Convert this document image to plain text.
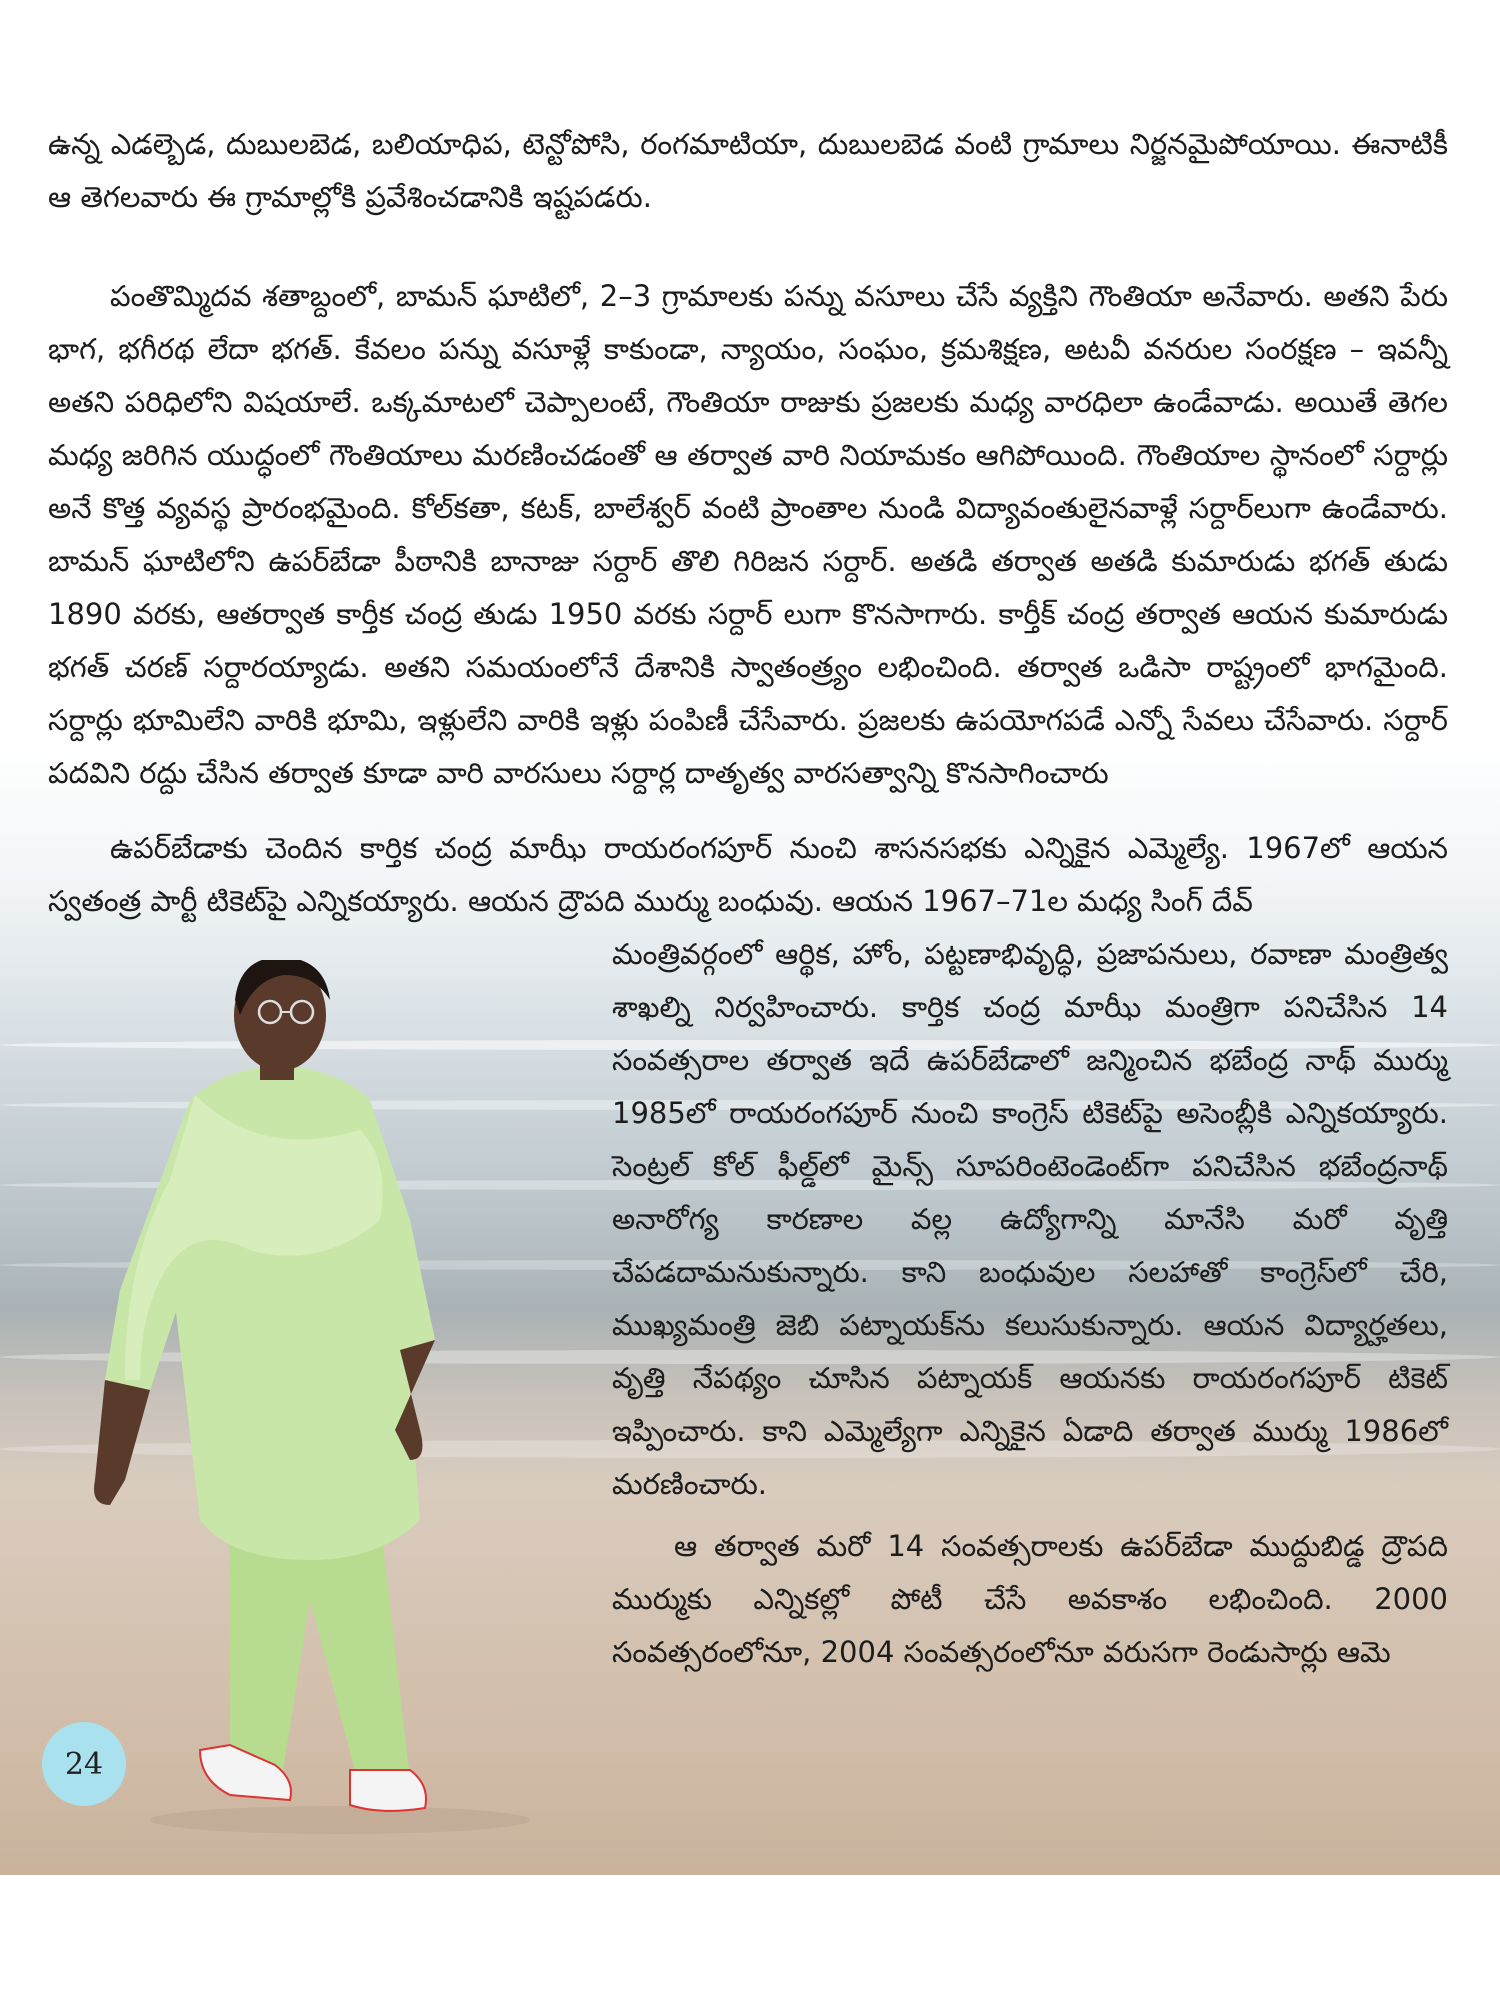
ఉన్న ఎడల్బెడ, దుబులబెడ, బలియాధిప, టెన్టోపోసి, రంగమాటియా, దుబులబెడ వంటి గ్రామాలు నిర్జనమైపోయాయి. ఈనాటికీ ఆ తెగలవారు ఈ గ్రామాల్లోకి ప్రవేశించడానికి ఇష్టపడరు.

పంతొమ్మిదవ శతాబ్దంలో, బామన్ ఘాటిలో, 2–3 గ్రామాలకు పన్ను వసూలు చేసే వ్యక్తిని గౌంతియా అనేవారు. అతని పేరు భాగ, భగీరథ లేదా భగత్. కేవలం పన్ను వసూళ్లే కాకుండా, న్యాయం, సంఘం, క్రమశిక్షణ, అటవీ వనరుల సంరక్షణ – ఇవన్నీ అతని పరిధిలోని విషయాలే. ఒక్కమాటలో చెప్పాలంటే, గౌంతియా రాజుకు ప్రజలకు మధ్య వారధిలా ఉండేవాడు. అయితే తెగల మధ్య జరిగిన యుద్ధంలో గౌంతియాలు మరణించడంతో ఆ తర్వాత వారి నియామకం ఆగిపోయింది. గౌంతియాల స్థానంలో సర్దార్లు అనే కొత్త వ్యవస్థ ప్రారంభమైంది. కోల్‌కతా, కటక్, బాలేశ్వర్ వంటి ప్రాంతాల నుండి విద్యావంతులైనవాళ్లే సర్దార్‌లుగా ఉండేవారు. బామన్ ఘాటిలోని ఉపర్‌బేడా పీఠానికి బానాజు సర్దార్ తొలి గిరిజన సర్దార్. అతడి తర్వాత అతడి కుమారుడు భగత్ తుడు 1890 వరకు, ఆతర్వాత కార్తీక చంద్ర తుడు 1950 వరకు సర్దార్ లుగా కొనసాగారు. కార్తీక్ చంద్ర తర్వాత ఆయన కుమారుడు భగత్ చరణ్ సర్దారయ్యాడు. అతని సమయంలోనే దేశానికి స్వాతంత్ర్యం లభించింది. తర్వాత ఒడిసా రాష్ట్రంలో భాగమైంది. సర్దార్లు భూమిలేని వారికి భూమి, ఇళ్లులేని వారికి ఇళ్లు పంపిణీ చేసేవారు. ప్రజలకు ఉపయోగపడే ఎన్నో సేవలు చేసేవారు. సర్దార్ పదవిని రద్దు చేసిన తర్వాత కూడా వారి వారసులు సర్దార్ల దాతృత్వ వారసత్వాన్ని కొనసాగించారు

ఉపర్‌బేడాకు చెందిన కార్తిక చంద్ర మాఝీ రాయరంగపూర్ నుంచి శాసనసభకు ఎన్నికైన ఎమ్మెల్యే. 1967లో ఆయన స్వతంత్ర పార్టీ టికెట్‌పై ఎన్నికయ్యారు. ఆయన ద్రౌపది ముర్ము బంధువు. ఆయన 1967–71ల మధ్య సింగ్ దేవ్

మంత్రివర్గంలో ఆర్థిక, హోం, పట్టణాభివృద్ధి, ప్రజాపనులు, రవాణా మంత్రిత్వ శాఖల్ని నిర్వహించారు. కార్తిక చంద్ర మాఝీ మంత్రిగా పనిచేసిన 14 సంవత్సరాల తర్వాత ఇదే ఉపర్‌బేడాలో జన్మించిన భబేంద్ర నాథ్ ముర్ము 1985లో రాయరంగపూర్ నుంచి కాంగ్రెస్ టికెట్‌పై అసెంబ్లీకి ఎన్నికయ్యారు. సెంట్రల్ కోల్ ఫీల్డ్‌లో మైన్స్ సూపరింటెండెంట్‌గా పనిచేసిన భబేంద్రనాథ్ అనారోగ్య కారణాల వల్ల ఉద్యోగాన్ని మానేసి మరో వృత్తి చేపడదామనుకున్నారు. కాని బంధువుల సలహాతో కాంగ్రెస్‌లో చేరి, ముఖ్యమంత్రి జెబి పట్నాయక్‌ను కలుసుకున్నారు. ఆయన విద్యార్హతలు, వృత్తి నేపథ్యం చూసిన పట్నాయక్ ఆయనకు రాయరంగపూర్ టికెట్ ఇప్పించారు. కాని ఎమ్మెల్యేగా ఎన్నికైన ఏడాది తర్వాత ముర్ము 1986లో మరణించారు.

ఆ తర్వాత మరో 14 సంవత్సరాలకు ఉపర్‌బేడా ముద్దుబిడ్డ ద్రౌపది ముర్ముకు ఎన్నికల్లో పోటీ చేసే అవకాశం లభించింది. 2000 సంవత్సరంలోనూ, 2004 సంవత్సరంలోనూ వరుసగా రెండుసార్లు ఆమె

24
